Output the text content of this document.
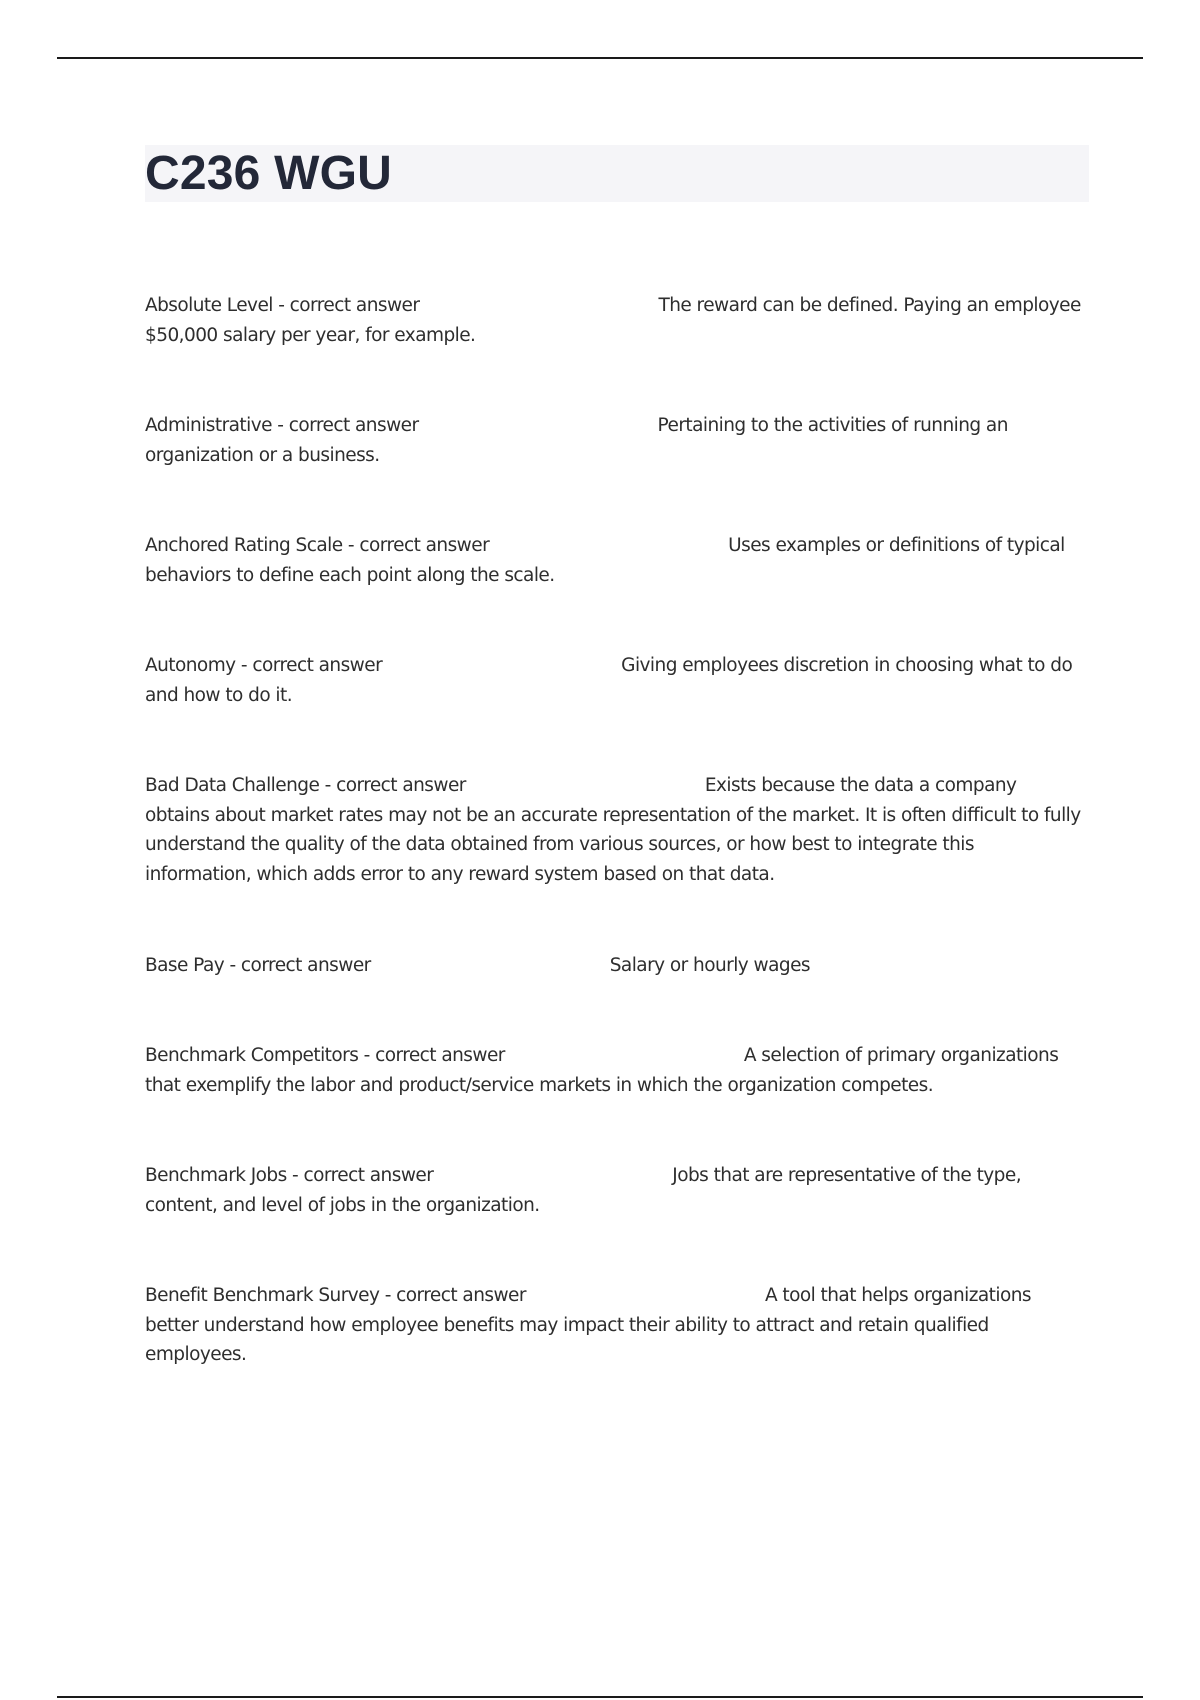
C236 WGU
Absolute Level - correct answer	The reward can be defined. Paying an employee $50,000 salary per year, for example.
Administrative - correct answer	Pertaining to the activities of running an organization or a business.
Anchored Rating Scale - correct answer	Uses examples or definitions of typical behaviors to define each point along the scale.
Autonomy - correct answer	Giving employees discretion in choosing what to do and how to do it.
Bad Data Challenge - correct answer	Exists because the data a company obtains about market rates may not be an accurate representation of the market. It is often difficult to fully understand the quality of the data obtained from various sources, or how best to integrate this information, which adds error to any reward system based on that data.
Base Pay - correct answer	Salary or hourly wages
Benchmark Competitors - correct answer	A selection of primary organizations that exemplify the labor and product/service markets in which the organization competes.
Benchmark Jobs - correct answer	Jobs that are representative of the type, content, and level of jobs in the organization.
Benefit Benchmark Survey - correct answer	A tool that helps organizations better understand how employee benefits may impact their ability to attract and retain qualified employees.
